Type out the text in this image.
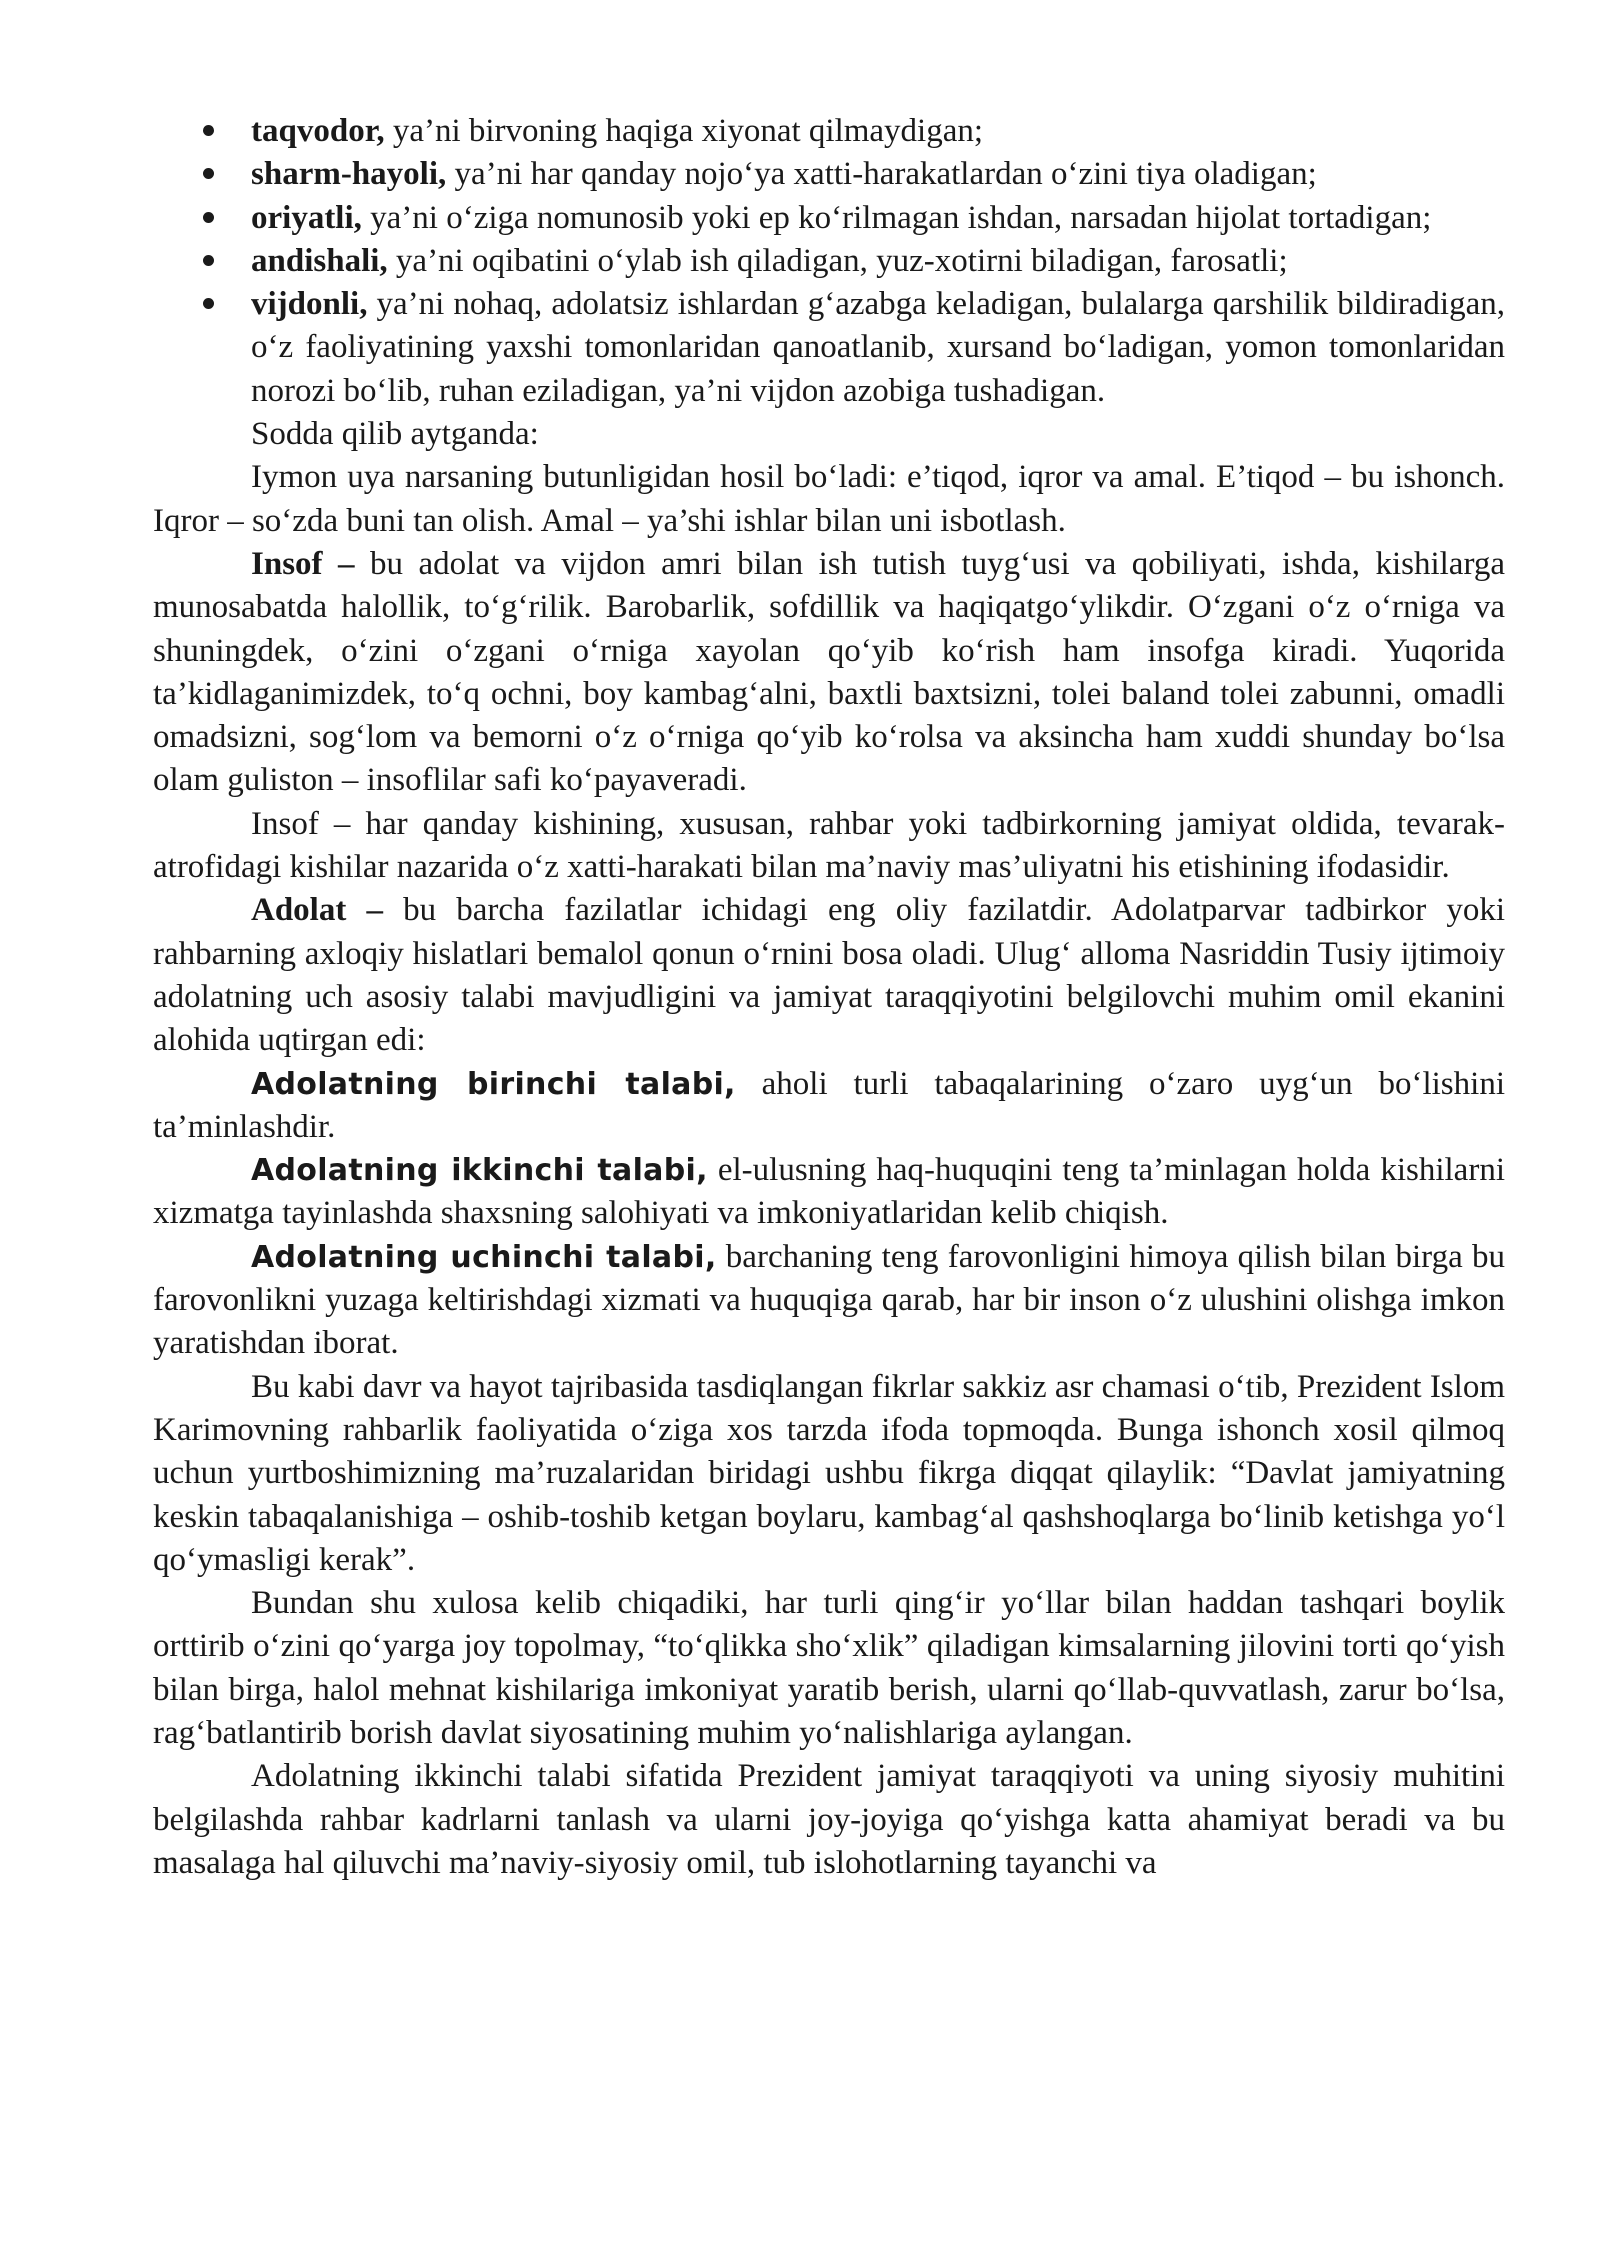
taqvodor, ya’ni birvoning haqiga xiyonat qilmaydigan;
sharm-hayoli, ya’ni har qanday nojo‘ya xatti-harakatlardan o‘zini tiya oladigan;
oriyatli, ya’ni o‘ziga nomunosib yoki ep ko‘rilmagan ishdan, narsadan hijolat tortadigan;
andishali, ya’ni oqibatini o‘ylab ish qiladigan, yuz-xotirni biladigan, farosatli;
vijdonli, ya’ni nohaq, adolatsiz ishlardan g‘azabga keladigan, bulalarga qarshilik bildiradigan, o‘z faoliyatining yaxshi tomonlaridan qanoatlanib, xursand bo‘ladigan, yomon tomonlaridan norozi bo‘lib, ruhan eziladigan, ya’ni vijdon azobiga tushadigan.

Sodda qilib aytganda:

Iymon uya narsaning butunligidan hosil bo‘ladi: e’tiqod, iqror va amal. E’tiqod – bu ishonch. Iqror – so‘zda buni tan olish. Amal – ya’shi ishlar bilan uni isbotlash.

Insof – bu adolat va vijdon amri bilan ish tutish tuyg‘usi va qobiliyati, ishda, kishilarga munosabatda halollik, to‘g‘rilik. Barobarlik, sofdillik va haqiqatgo‘ylikdir. O‘zgani o‘z o‘rniga va shuningdek, o‘zini o‘zgani o‘rniga xayolan qo‘yib ko‘rish ham insofga kiradi. Yuqorida ta’kidlaganimizdek, to‘q ochni, boy kambag‘alni, baxtli baxtsizni, tolei baland tolei zabunni, omadli omadsizni, sog‘lom va bemorni o‘z o‘rniga qo‘yib ko‘rolsa va aksincha ham xuddi shunday bo‘lsa olam guliston – insoflilar safi ko‘payaveradi.

Insof – har qanday kishining, xususan, rahbar yoki tadbirkorning jamiyat oldida, tevarak-atrofidagi kishilar nazarida o‘z xatti-harakati bilan ma’naviy mas’uliyatni his etishining ifodasidir.

Adolat – bu barcha fazilatlar ichidagi eng oliy fazilatdir. Adolatparvar tadbirkor yoki rahbarning axloqiy hislatlari bemalol qonun o‘rnini bosa oladi. Ulug‘ alloma Nasriddin Tusiy ijtimoiy adolatning uch asosiy talabi mavjudligini va jamiyat taraqqiyotini belgilovchi muhim omil ekanini alohida uqtirgan edi:

Adolatning birinchi talabi, aholi turli tabaqalarining o‘zaro uyg‘un bo‘lishini ta’minlashdir.

Adolatning ikkinchi talabi, el-ulusning haq-huquqini teng ta’minlagan holda kishilarni xizmatga tayinlashda shaxsning salohiyati va imkoniyatlaridan kelib chiqish.

Adolatning uchinchi talabi, barchaning teng farovonligini himoya qilish bilan birga bu farovonlikni yuzaga keltirishdagi xizmati va huquqiga qarab, har bir inson o‘z ulushini olishga imkon yaratishdan iborat.

Bu kabi davr va hayot tajribasida tasdiqlangan fikrlar sakkiz asr chamasi o‘tib, Prezident Islom Karimovning rahbarlik faoliyatida o‘ziga xos tarzda ifoda topmoqda. Bunga ishonch xosil qilmoq uchun yurtboshimizning ma’ruzalaridan biridagi ushbu fikrga diqqat qilaylik: “Davlat jamiyatning keskin tabaqalanishiga – oshib-toshib ketgan boylaru, kambag‘al qashshoqlarga bo‘linib ketishga yo‘l qo‘ymasligi kerak”.

Bundan shu xulosa kelib chiqadiki, har turli qing‘ir yo‘llar bilan haddan tashqari boylik orttirib o‘zini qo‘yarga joy topolmay, “to‘qlikka sho‘xlik” qiladigan kimsalarning jilovini torti qo‘yish bilan birga, halol mehnat kishilariga imkoniyat yaratib berish, ularni qo‘llab-quvvatlash, zarur bo‘lsa, rag‘batlantirib borish davlat siyosatining muhim yo‘nalishlariga aylangan.

Adolatning ikkinchi talabi sifatida Prezident jamiyat taraqqiyoti va uning siyosiy muhitini belgilashda rahbar kadrlarni tanlash va ularni joy-joyiga qo‘yishga katta ahamiyat beradi va bu masalaga hal qiluvchi ma’naviy-siyosiy omil, tub islohotlarning tayanchi va
